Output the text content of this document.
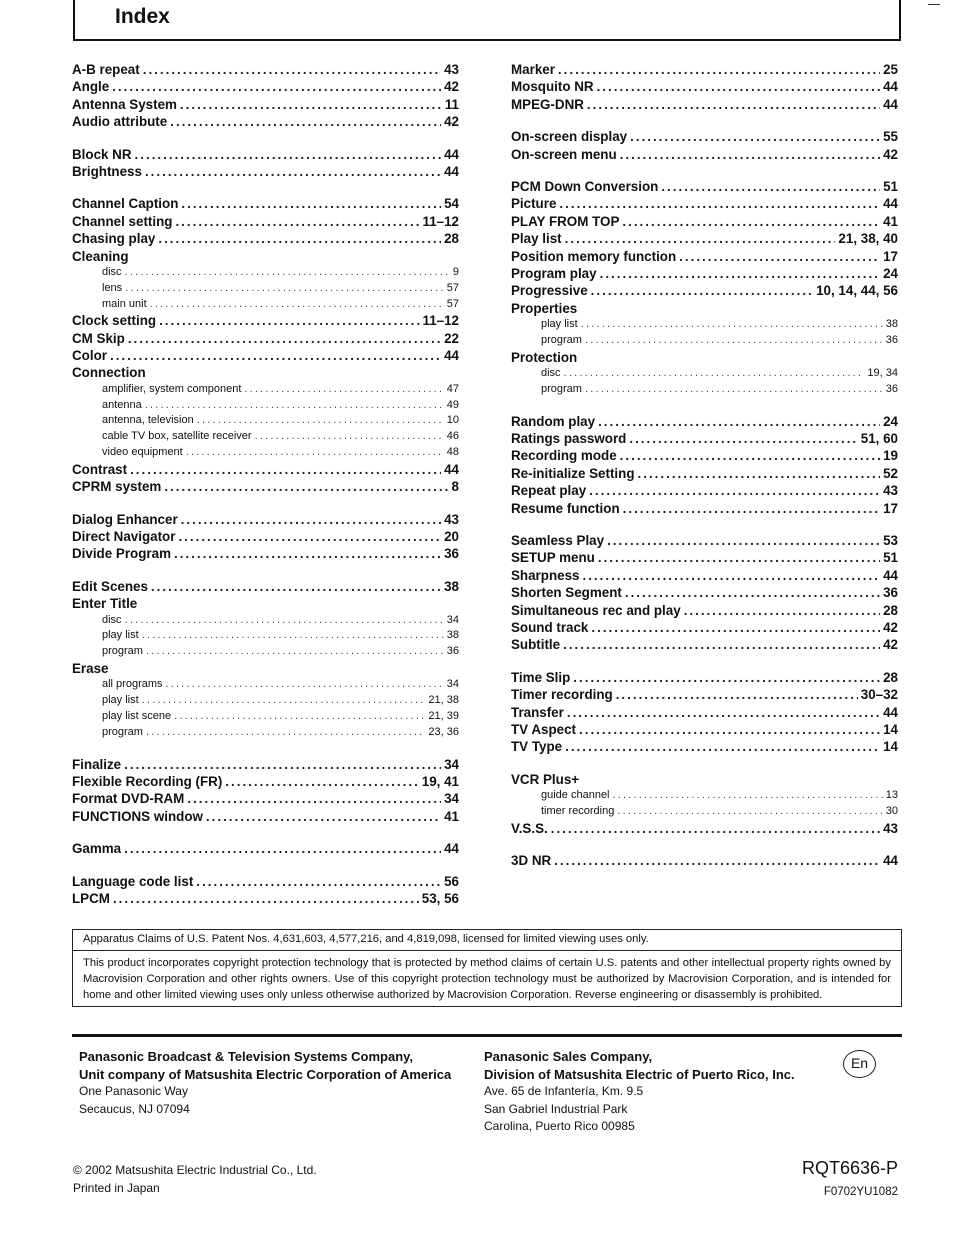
Index
A-B repeat .....	43
Angle .....	42
Antenna System .....	11
Audio attribute .....	42
Block NR .....	44
Brightness .....	44
Channel Caption .....	54
Channel setting .....	11–12
Chasing play .....	28
Cleaning
disc .....	9
lens .....	57
main unit .....	57
Clock setting .....	11–12
CM Skip .....	22
Color .....	44
Connection
amplifier, system component .....	47
antenna .....	49
antenna, television .....	10
cable TV box, satellite receiver .....	46
video equipment .....	48
Contrast .....	44
CPRM system .....	8
Dialog Enhancer .....	43
Direct Navigator .....	20
Divide Program .....	36
Edit Scenes .....	38
Enter Title
disc .....	34
play list .....	38
program .....	36
Erase
all programs .....	34
play list .....	21, 38
play list scene .....	21, 39
program .....	23, 36
Finalize .....	34
Flexible Recording (FR) .....	19, 41
Format DVD-RAM .....	34
FUNCTIONS window .....	41
Gamma .....	44
Language code list .....	56
LPCM .....	53, 56
Marker .....	25
Mosquito NR .....	44
MPEG-DNR .....	44
On-screen display .....	55
On-screen menu .....	42
PCM Down Conversion .....	51
Picture .....	44
PLAY FROM TOP .....	41
Play list .....	21, 38, 40
Position memory function .....	17
Program play .....	24
Progressive .....	10, 14, 44, 56
Properties
play list .....	38
program .....	36
Protection
disc .....	19, 34
program .....	36
Random play .....	24
Ratings password .....	51, 60
Recording mode .....	19
Re-initialize Setting .....	52
Repeat play .....	43
Resume function .....	17
Seamless Play .....	53
SETUP menu .....	51
Sharpness .....	44
Shorten Segment .....	36
Simultaneous rec and play .....	28
Sound track .....	42
Subtitle .....	42
Time Slip .....	28
Timer recording .....	30–32
Transfer .....	44
TV Aspect .....	14
TV Type .....	14
VCR Plus+
guide channel .....	13
timer recording .....	30
V.S.S. .....	43
3D NR .....	44
Apparatus Claims of U.S. Patent Nos. 4,631,603, 4,577,216, and 4,819,098, licensed for limited viewing uses only.
This product incorporates copyright protection technology that is protected by method claims of certain U.S. patents and other intellectual property rights owned by Macrovision Corporation and other rights owners. Use of this copyright protection technology must be authorized by Macrovision Corporation, and is intended for home and other limited viewing uses only unless otherwise authorized by Macrovision Corporation. Reverse engineering or disassembly is prohibited.
Panasonic Broadcast & Television Systems Company,
Unit company of Matsushita Electric Corporation of America
One Panasonic Way
Secaucus, NJ 07094
Panasonic Sales Company,
Division of Matsushita Electric of Puerto Rico, Inc.
Ave. 65 de Infantería, Km. 9.5
San Gabriel Industrial Park
Carolina, Puerto Rico 00985
En
© 2002 Matsushita Electric Industrial Co., Ltd.
Printed in Japan
RQT6636-P
F0702YU1082
